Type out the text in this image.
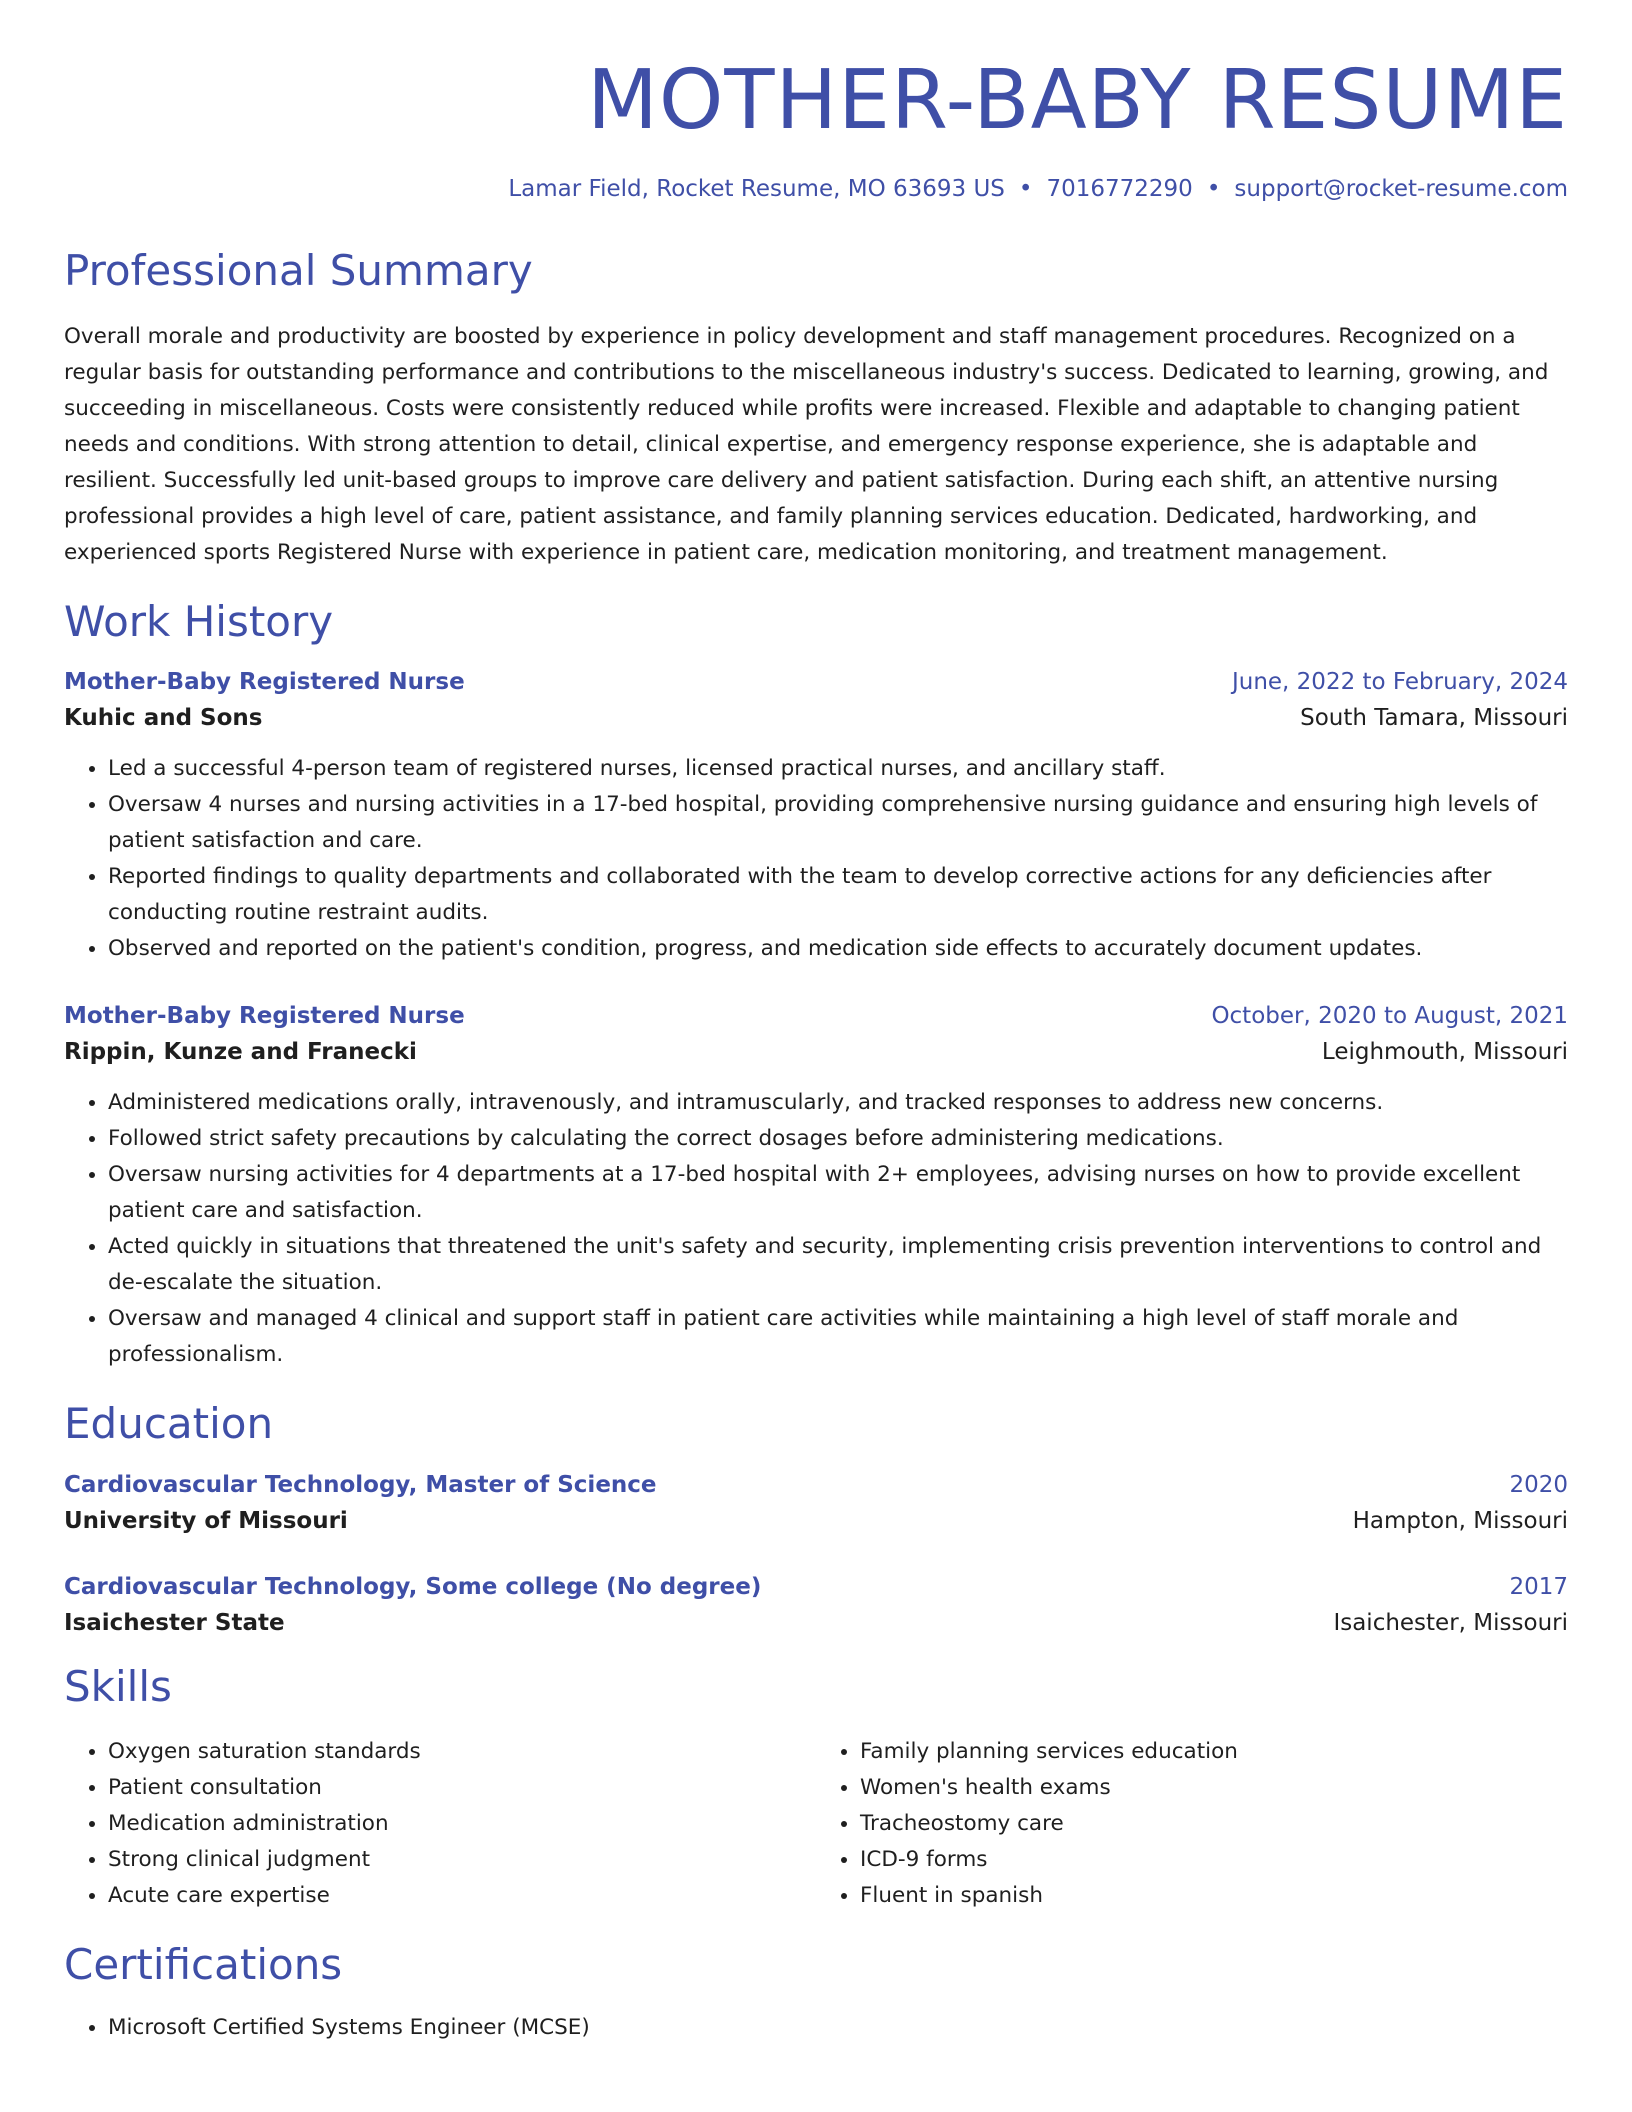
MOTHER-BABY RESUME
Lamar Field, Rocket Resume, MO 63693 US • 7016772290 • support@rocket-resume.com
Professional Summary

Overall morale and productivity are boosted by experience in policy development and staff management procedures. Recognized on a regular basis for outstanding performance and contributions to the miscellaneous industry's success. Dedicated to learning, growing, and succeeding in miscellaneous. Costs were consistently reduced while profits were increased. Flexible and adaptable to changing patient needs and conditions. With strong attention to detail, clinical expertise, and emergency response experience, she is adaptable and resilient. Successfully led unit-based groups to improve care delivery and patient satisfaction. During each shift, an attentive nursing professional provides a high level of care, patient assistance, and family planning services education. Dedicated, hardworking, and experienced sports Registered Nurse with experience in patient care, medication monitoring, and treatment management.

Work History
Mother-Baby Registered Nurse	June, 2022 to February, 2024
Kuhic and Sons	South Tamara, Missouri
• Led a successful 4-person team of registered nurses, licensed practical nurses, and ancillary staff.
• Oversaw 4 nurses and nursing activities in a 17-bed hospital, providing comprehensive nursing guidance and ensuring high levels of patient satisfaction and care.
• Reported findings to quality departments and collaborated with the team to develop corrective actions for any deficiencies after conducting routine restraint audits.
• Observed and reported on the patient's condition, progress, and medication side effects to accurately document updates.
Mother-Baby Registered Nurse	October, 2020 to August, 2021
Rippin, Kunze and Franecki	Leighmouth, Missouri
• Administered medications orally, intravenously, and intramuscularly, and tracked responses to address new concerns.
• Followed strict safety precautions by calculating the correct dosages before administering medications.
• Oversaw nursing activities for 4 departments at a 17-bed hospital with 2+ employees, advising nurses on how to provide excellent patient care and satisfaction.
• Acted quickly in situations that threatened the unit's safety and security, implementing crisis prevention interventions to control and de-escalate the situation.
• Oversaw and managed 4 clinical and support staff in patient care activities while maintaining a high level of staff morale and professionalism.
Education
Cardiovascular Technology, Master of Science	2020
University of Missouri	Hampton, Missouri
Cardiovascular Technology, Some college (No degree)	2017
Isaichester State	Isaichester, Missouri
Skills
• Oxygen saturation standards
• Patient consultation
• Medication administration
• Strong clinical judgment
• Acute care expertise
• Family planning services education
• Women's health exams
• Tracheostomy care
• ICD-9 forms
• Fluent in spanish
Certifications
• Microsoft Certified Systems Engineer (MCSE)
